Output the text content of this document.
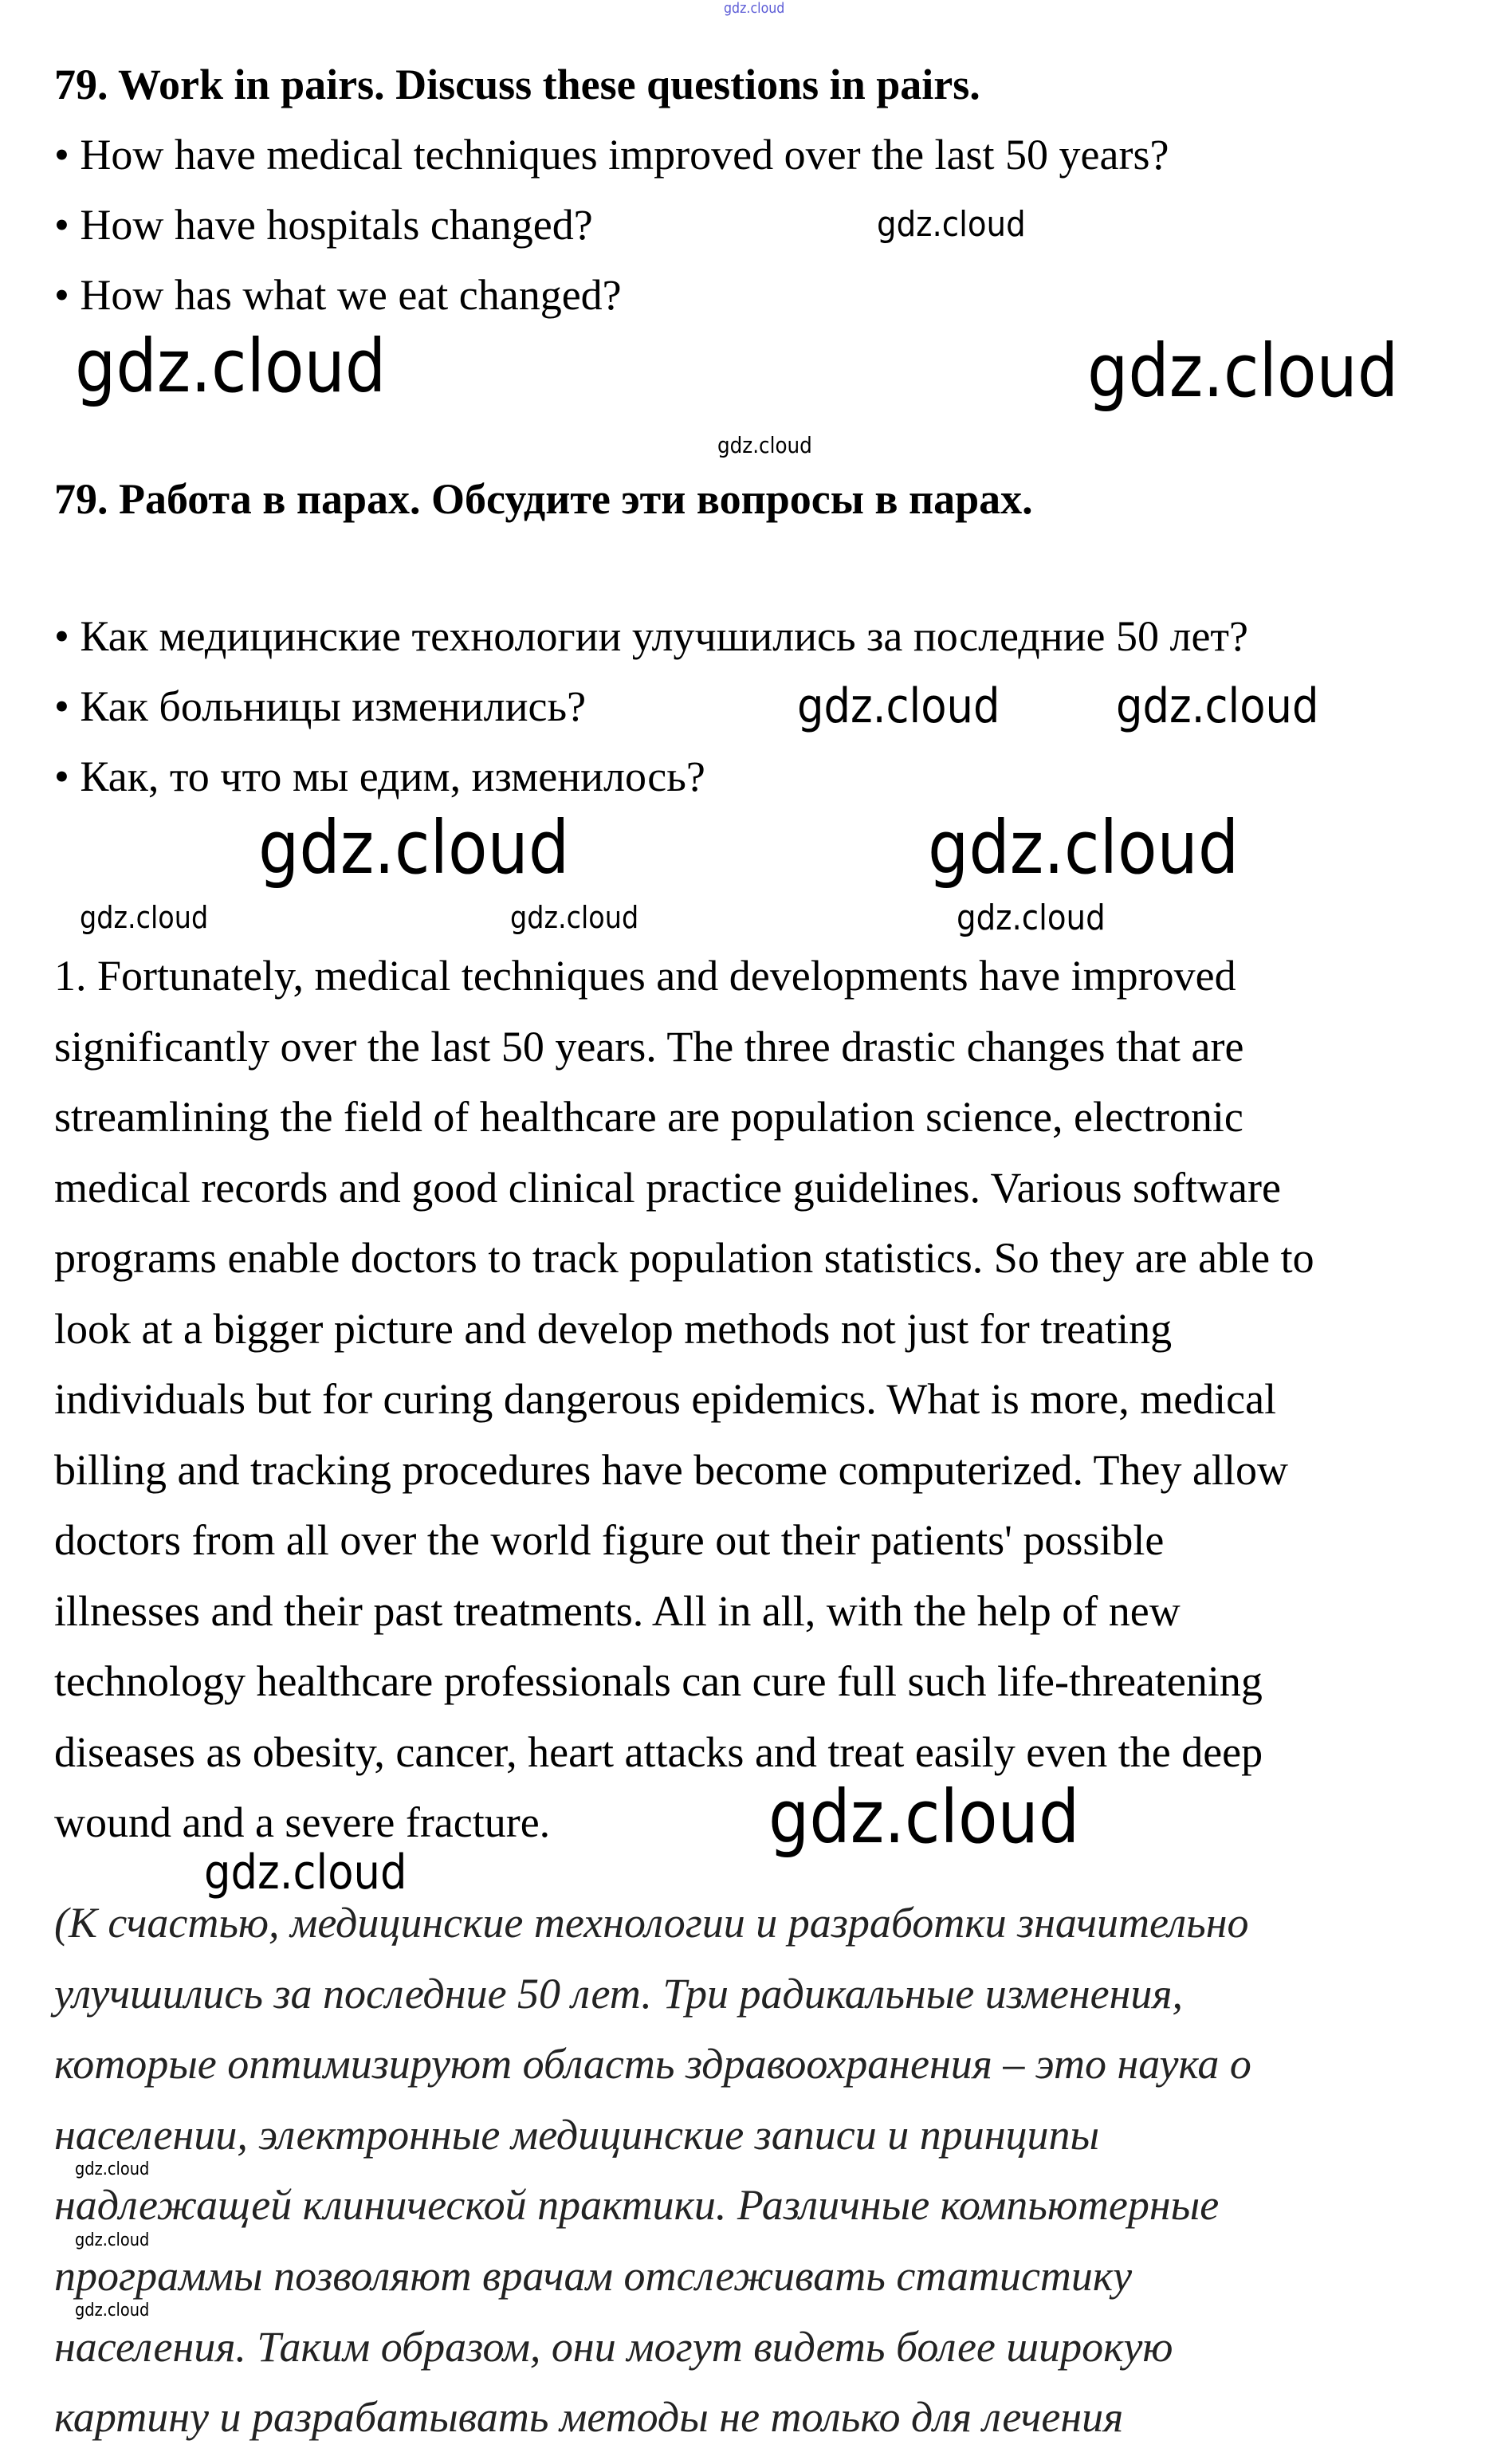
gdz.cloud
79. Work in pairs. Discuss these questions in pairs.
• How have medical techniques improved over the last 50 years?
• How have hospitals changed?
• How has what we eat changed?
79. Работа в парах. Обсудите эти вопросы в парах.
• Как медицинские технологии улучшились за последние 50 лет?
• Как больницы изменились?
• Как, то что мы едим, изменилось?
1. Fortunately, medical techniques and developments have improved
significantly over the last 50 years. The three drastic changes that are
streamlining the field of healthcare are population science, electronic
medical records and good clinical practice guidelines. Various software
programs enable doctors to track population statistics. So they are able to
look at a bigger picture and develop methods not just for treating
individuals but for curing dangerous epidemics. What is more, medical
billing and tracking procedures have become computerized. They allow
doctors from all over the world figure out their patients' possible
illnesses and their past treatments. All in all, with the help of new
technology healthcare professionals can cure full such life-threatening
diseases as obesity, cancer, heart attacks and treat easily even the deep
wound and a severe fracture.
(К счастью, медицинские технологии и разработки значительно
улучшились за последние 50 лет. Три радикальные изменения,
которые оптимизируют область здравоохранения – это наука о
населении, электронные медицинские записи и принципы
надлежащей клинической практики. Различные компьютерные
программы позволяют врачам отслеживать статистику
населения. Таким образом, они могут видеть более широкую
картину и разрабатывать методы не только для лечения
gdz.cloud	gdz.cloud
gdz.cloud
gdz.cloud
gdz.cloud gdz.cloud
gdz.cloud	gdz.cloud
gdz.cloud	gdz.cloud	gdz.cloud
gdz.cloud
gdz.cloud
gdz.cloud
gdz.cloud
gdz.cloud
